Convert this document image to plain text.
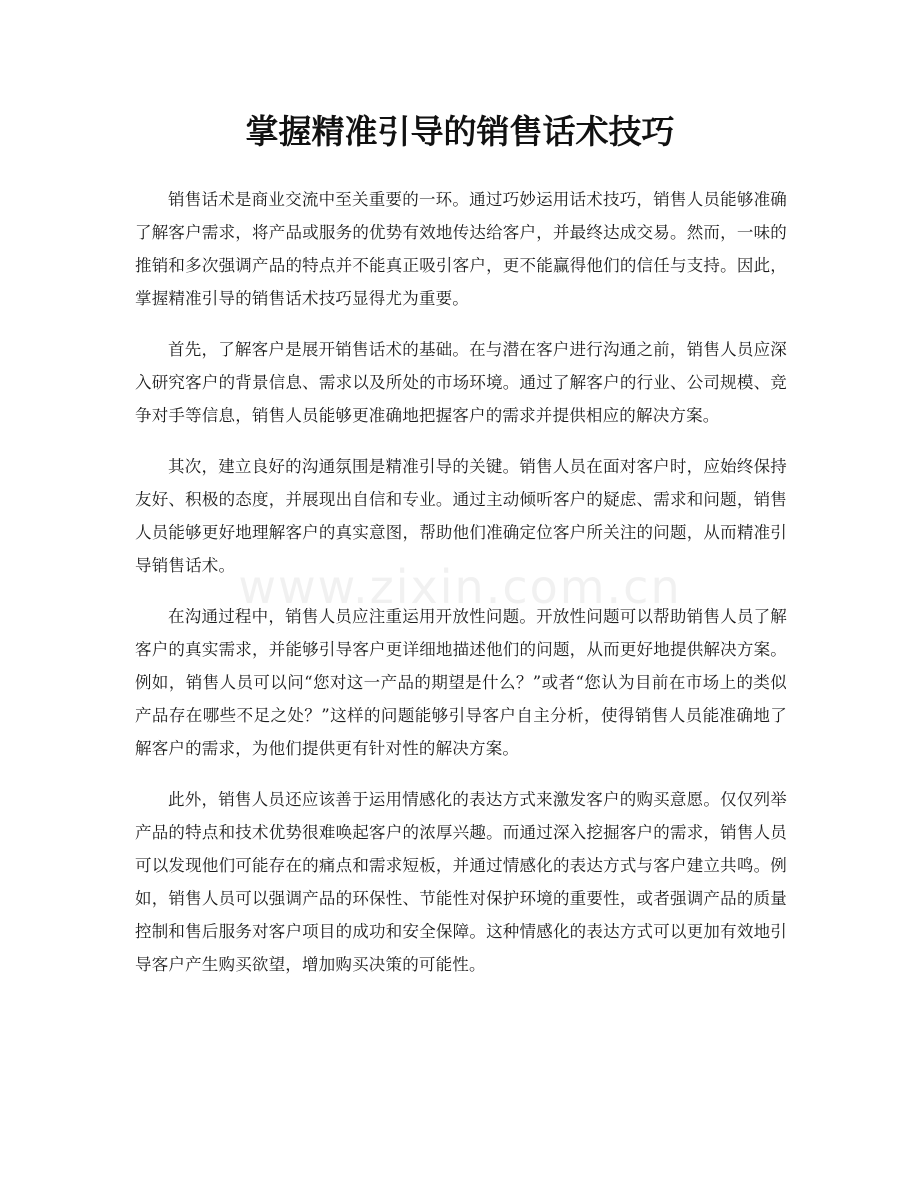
掌握精准引导的销售话术技巧

销售话术是商业交流中至关重要的一环。通过巧妙运用话术技巧，销售人员能够准确了解客户需求，将产品或服务的优势有效地传达给客户，并最终达成交易。然而，一味的推销和多次强调产品的特点并不能真正吸引客户，更不能赢得他们的信任与支持。因此，掌握精准引导的销售话术技巧显得尤为重要。

首先，了解客户是展开销售话术的基础。在与潜在客户进行沟通之前，销售人员应深入研究客户的背景信息、需求以及所处的市场环境。通过了解客户的行业、公司规模、竞争对手等信息，销售人员能够更准确地把握客户的需求并提供相应的解决方案。

其次，建立良好的沟通氛围是精准引导的关键。销售人员在面对客户时，应始终保持友好、积极的态度，并展现出自信和专业。通过主动倾听客户的疑虑、需求和问题，销售人员能够更好地理解客户的真实意图，帮助他们准确定位客户所关注的问题，从而精准引导销售话术。

在沟通过程中，销售人员应注重运用开放性问题。开放性问题可以帮助销售人员了解客户的真实需求，并能够引导客户更详细地描述他们的问题，从而更好地提供解决方案。例如，销售人员可以问“您对这一产品的期望是什么？”或者“您认为目前在市场上的类似产品存在哪些不足之处？”这样的问题能够引导客户自主分析，使得销售人员能准确地了解客户的需求，为他们提供更有针对性的解决方案。

此外，销售人员还应该善于运用情感化的表达方式来激发客户的购买意愿。仅仅列举产品的特点和技术优势很难唤起客户的浓厚兴趣。而通过深入挖掘客户的需求，销售人员可以发现他们可能存在的痛点和需求短板，并通过情感化的表达方式与客户建立共鸣。例如，销售人员可以强调产品的环保性、节能性对保护环境的重要性，或者强调产品的质量控制和售后服务对客户项目的成功和安全保障。这种情感化的表达方式可以更加有效地引导客户产生购买欲望，增加购买决策的可能性。

www.zixin.com.cn
